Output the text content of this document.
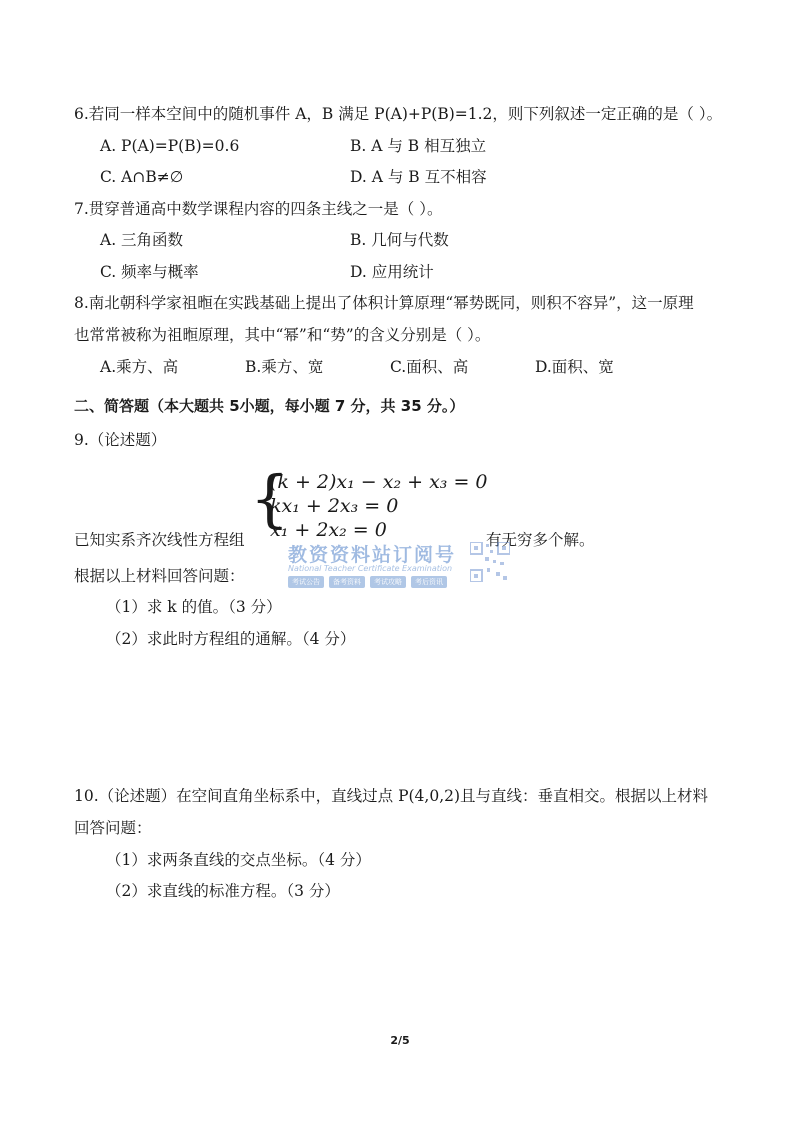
6.若同一样本空间中的随机事件 A，B 满足 P(A)+P(B)=1.2，则下列叙述一定正确的是（ ）。
A. P(A)=P(B)=0.6	B. A 与 B 相互独立
C. A∩B≠∅	D. A 与 B 互不相容
7.贯穿普通高中数学课程内容的四条主线之一是（ ）。
A. 三角函数	B. 几何与代数
C. 频率与概率	D. 应用统计
8.南北朝科学家祖暅在实践基础上提出了体积计算原理“幂势既同，则积不容异”，这一原理
也常常被称为祖暅原理，其中“幂”和“势”的含义分别是（ ）。
A.乘方、高	B.乘方、宽	C.面积、高	D.面积、宽
二、简答题（本大题共 5小题，每小题 7 分，共 35 分。）
9.（论述题）
{
(k + 2)x₁ − x₂ + x₃ = 0
kx₁ + 2x₃ = 0
x₁ + 2x₂ = 0
已知实系齐次线性方程组	有无穷多个解。
根据以上材料回答问题：
（1）求 k 的值。（3 分）
（2）求此时方程组的通解。（4 分）
教资资料站订阅号
National Teacher Certificate Examination
考试公告	备考资料	考试攻略	考后资讯
10.（论述题）在空间直角坐标系中，直线过点 P(4,0,2)且与直线：垂直相交。根据以上材料
回答问题：
（1）求两条直线的交点坐标。（4 分）
（2）求直线的标准方程。（3 分）
2/5
